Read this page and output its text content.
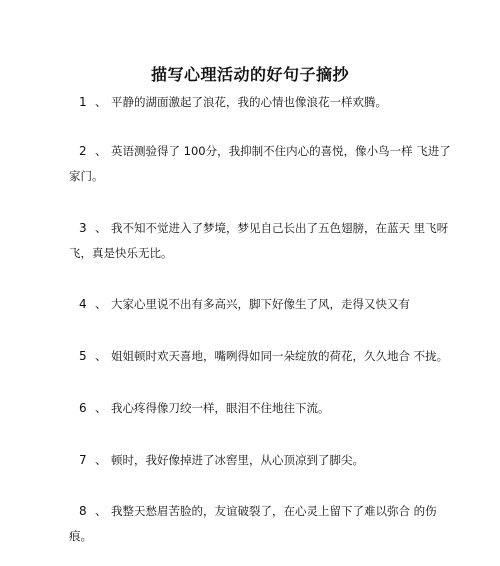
描写心理活动的好句子摘抄
1 、 平静的湖面激起了浪花，我的心情也像浪花一样欢腾。
2 、 英语测验得了 100分，我抑制不住内心的喜悦，像小鸟一样 飞进了
家门。
3 、 我不知不觉进入了梦境，梦见自己长出了五色翅膀，在蓝天 里飞呀
飞，真是快乐无比。
4 、 大家心里说不出有多高兴，脚下好像生了风，走得又快又有
5 、 姐姐顿时欢天喜地，嘴咧得如同一朵绽放的荷花，久久地合 不拢。
6 、 我心疼得像刀绞一样，眼泪不住地往下流。
7 、 顿时，我好像掉进了冰窖里，从心顶凉到了脚尖。
8 、 我整天愁眉苦脸的，友谊破裂了，在心灵上留下了难以弥合 的伤
痕。
